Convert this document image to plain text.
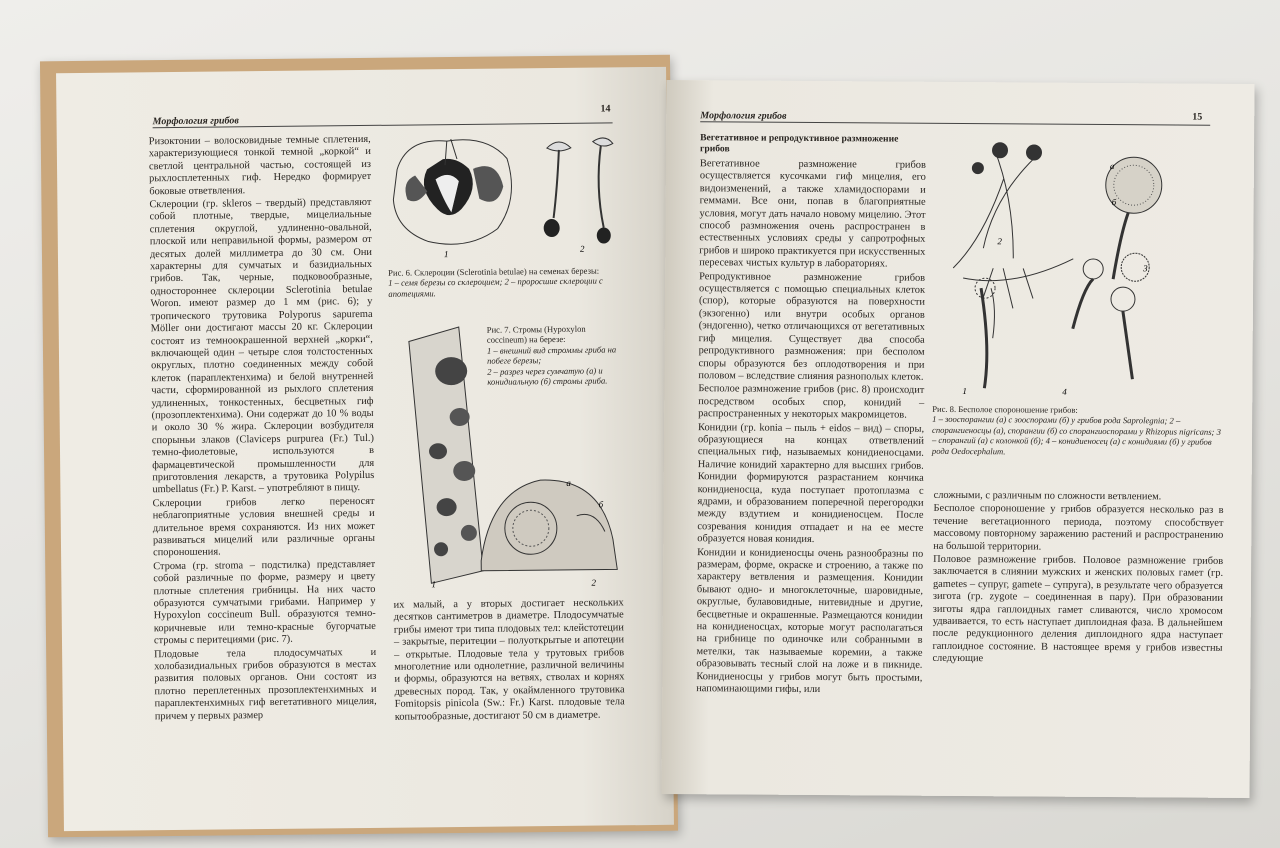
Морфология грибов
14

Ризоктонии – волосковидные темные сплетения, характеризующиеся тонкой темной „коркой“ и светлой центральной частью, состоящей из рыхлосплетенных гиф. Нередко формирует боковые ответвления.

Склероции (гр. skleros – твердый) представляют собой плотные, твердые, мицелиальные сплетения округлой, удлиненно-овальной, плоской или неправильной формы, размером от десятых долей миллиметра до 30 см. Они характерны для сумчатых и базидиальных грибов. Так, черные, подковообразные, одностороннее склероции Sclerotinia betulae Woron. имеют размер до 1 мм (рис. 6); у тропического трутовика Polyporus sapurema Möller они достигают массы 20 кг. Склероции состоят из темноокрашенной верхней „корки“, включающей один – четыре слоя толстостенных округлых, плотно соединенных между собой клеток (параплектенхима) и белой внутренней части, сформированной из рыхлого сплетения удлиненных, тонкостенных, бесцветных гиф (прозоплектенхима). Они содержат до 10 % воды и около 30 % жира. Склероции возбудителя спорыньи злаков (Claviceps purpurea (Fr.) Tul.) темно-фиолетовые, используются в фармацевтической промышленности для приготовления лекарств, а трутовика Polypilus umbellatus (Fr.) P. Karst. – употребляют в пищу.

Склероции грибов легко переносят неблагоприятные условия внешней среды и длительное время сохраняются. Из них может развиваться мицелий или различные органы спороношения.

Строма (гр. stroma – подстилка) представляет собой различные по форме, размеру и цвету плотные сплетения грибницы. На них часто образуются сумчатыми грибами. Например у Hypoxylon coccineum Bull. образуются темно-коричневые или темно-красные бугорчатые стромы с перитециями (рис. 7).

Плодовые тела плодосумчатых и холобазидиальных грибов образуются в местах развития половых органов. Они состоят из плотно переплетенных прозоплектенхимных и параплектенхимных гиф вегетативного мицелия, причем у первых размер

1
2
Рис. 6. Склероции (Sclerotinia betulae) на семенах березы:
1 – семя березы со склероцием; 2 – проросшие склероции с апотециями.
1	2
а
б
Рис. 7. Стромы (Hypoxylon coccineum) на березе:
1 – внешний вид строммы гриба на побеге березы;
2 – разрез через сумчатую (а) и конидиальную (б) стромы гриба.

их малый, а у вторых достигает нескольких десятков сантиметров в диаметре. Плодосумчатые грибы имеют три типа плодовых тел: клейстотеции – закрытые, перитеции – полуоткрытые и апотеции – открытые. Плодовые тела у трутовых грибов многолетние или однолетние, различной величины и формы, образуются на ветвях, стволах и корнях древесных пород. Так, у окаймленного трутовика Fomitopsis pinicola (Sw.: Fr.) Karst. плодовые тела копытообразные, достигают 50 см в диаметре.

Морфология грибов	15
Вегетативное и репродуктивное размножение грибов

Вегетативное размножение грибов осуществляется кусочками гиф мицелия, его видоизменений, а также хламидоспорами и геммами. Все они, попав в благоприятные условия, могут дать начало новому мицелию. Этот способ размножения очень распространен в естественных условиях среды у сапротрофных грибов и широко практикуется при искусственных пересевах чистых культур в лабораториях.

Репродуктивное размножение грибов осуществляется с помощью специальных клеток (спор), которые образуются на поверхности (экзогенно) или внутри особых органов (эндогенно), четко отличающихся от вегетативных гиф мицелия. Существует два способа репродуктивного размножения: при бесполом споры образуются без оплодотворения и при половом – вследствие слияния разнополых клеток.

Бесполое размножение грибов (рис. 8) происходит посредством особых спор, конидий – распространенных у некоторых макромицетов.

Конидии (гр. konia – пыль + eidos – вид) – споры, образующиеся на концах ответвлений специальных гиф, называемых конидиеносцами. Наличие конидий характерно для высших грибов. Конидии формируются разрастанием кончика конидиеносца, куда поступает протоплазма с ядрами, и образованием поперечной перегородки между вздутием и конидиеносцем. После созревания конидия отпадает и на ее месте образуется новая конидия.

Конидии и конидиеносцы очень разнообразны по размерам, форме, окраске и строению, а также по характеру ветвления и размещения. Конидии бывают одно- и многоклеточные, шаровидные, округлые, булавовидные, нитевидные и другие, бесцветные и окрашенные. Размещаются конидии на конидиеносцах, которые могут располагаться на грибнице по одиночке или собранными в метелки, так называемые коремии, а также образовывать тесный слой на ложе и в пикниде. Конидиеносцы у грибов могут быть простыми, напоминающими гифы, или

2
3
1	4
а
б
Рис. 8. Бесполое спороношение грибов:
1 – зооспорангии (а) с зооспорами (б) у грибов рода Saprolegnia; 2 – спорангиеносцы (а), спорангии (б) со спорангиоспорами у Rhizopus nigricans; 3 – спорангий (а) с колонкой (б); 4 – конидиеносец (а) с конидиями (б) у грибов рода Oedocephalum.

сложными, с различным по сложности ветвлением.

Бесполое спороношение у грибов образуется несколько раз в течение вегетационного периода, поэтому способствует массовому повторному заражению растений и распространению на большой территории.

Половое размножение грибов. Половое размножение грибов заключается в слиянии мужских и женских половых гамет (гр. gametes – супруг, gamete – супруга), в результате чего образуется зигота (гр. zygote – соединенная в пару). При образовании зиготы ядра гаплоидных гамет сливаются, число хромосом удваивается, то есть наступает диплоидная фаза. В дальнейшем после редукционного деления диплоидного ядра наступает гаплоидное состояние. В настоящее время у грибов известны следующие
